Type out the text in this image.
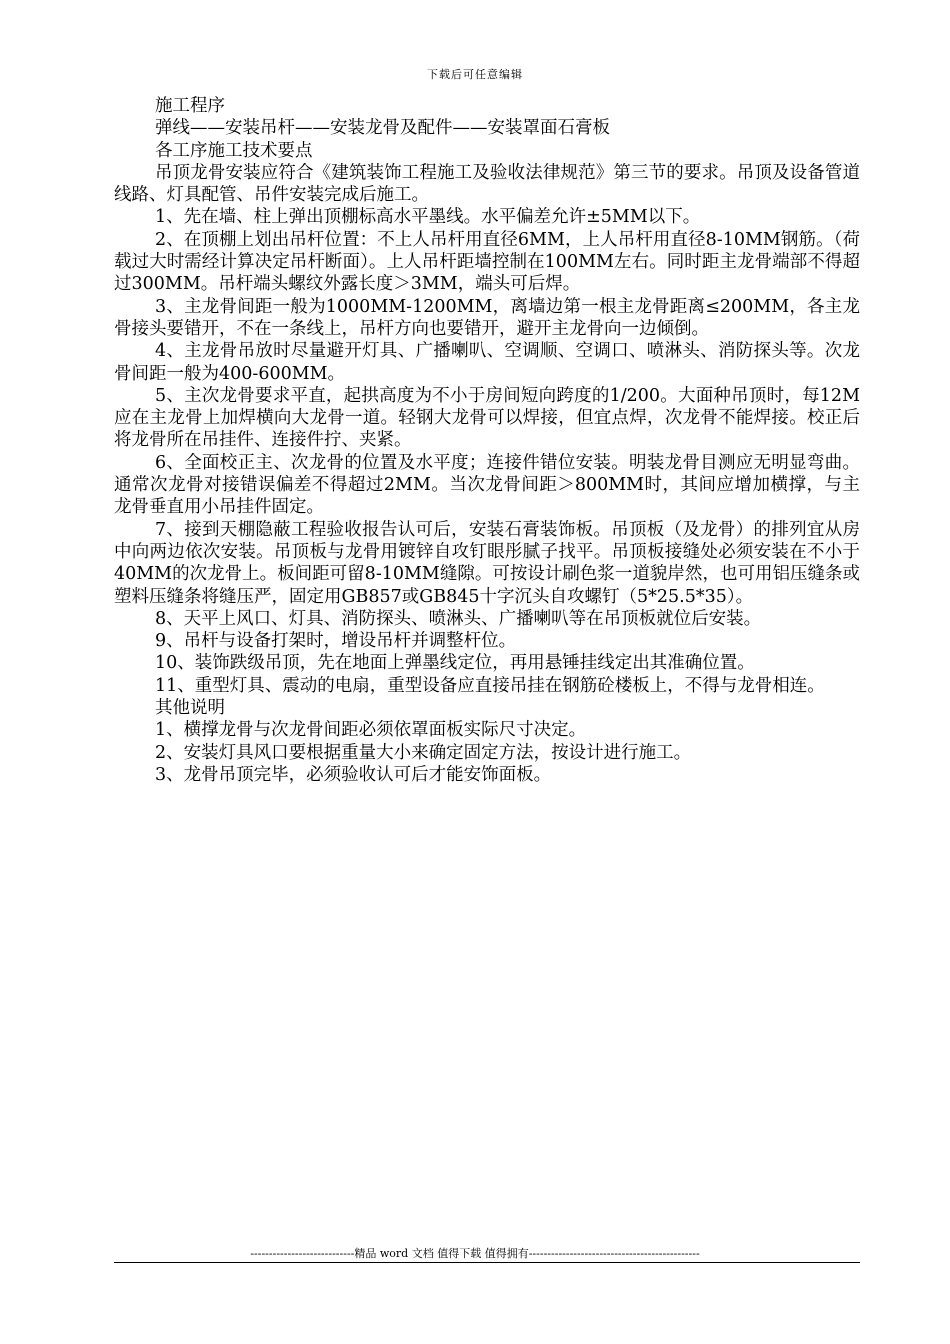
下载后可任意编辑

施工程序

弹线——安装吊杆——安装龙骨及配件——安装罩面石膏板

各工序施工技术要点

吊顶龙骨安装应符合《建筑装饰工程施工及验收法律规范》第三节的要求。吊顶及设备管道线路、灯具配管、吊件安装完成后施工。

1、先在墙、柱上弹出顶棚标高水平墨线。水平偏差允许±5MM以下。

2、在顶棚上划出吊杆位置：不上人吊杆用直径6MM，上人吊杆用直径8-10MM钢筋。（荷载过大时需经计算决定吊杆断面）。上人吊杆距墙控制在100MM左右。同时距主龙骨端部不得超过300MM。吊杆端头螺纹外露长度＞3MM，端头可后焊。

3、主龙骨间距一般为1000MM-1200MM，离墙边第一根主龙骨距离≤200MM，各主龙骨接头要错开，不在一条线上，吊杆方向也要错开，避开主龙骨向一边倾倒。

4、主龙骨吊放时尽量避开灯具、广播喇叭、空调顺、空调口、喷淋头、消防探头等。次龙骨间距一般为400-600MM。

5、主次龙骨要求平直，起拱高度为不小于房间短向跨度的1/200。大面种吊顶时，每12M应在主龙骨上加焊横向大龙骨一道。轻钢大龙骨可以焊接，但宜点焊，次龙骨不能焊接。校正后将龙骨所在吊挂件、连接件拧、夹紧。

6、全面校正主、次龙骨的位置及水平度；连接件错位安装。明装龙骨目测应无明显弯曲。通常次龙骨对接错误偏差不得超过2MM。当次龙骨间距＞800MM时，其间应增加横撑，与主龙骨垂直用小吊挂件固定。

7、接到天棚隐蔽工程验收报告认可后，安装石膏装饰板。吊顶板（及龙骨）的排列宜从房中向两边依次安装。吊顶板与龙骨用镀锌自攻钉眼彤腻子找平。吊顶板接缝处必须安装在不小于40MM的次龙骨上。板间距可留8-10MM缝隙。可按设计刷色浆一道貌岸然，也可用铝压缝条或塑料压缝条将缝压严，固定用GB857或GB845十字沉头自攻螺钉（5*25.5*35）。

8、天平上风口、灯具、消防探头、喷淋头、广播喇叭等在吊顶板就位后安装。

9、吊杆与设备打架时，增设吊杆并调整杆位。

10、装饰跌级吊顶，先在地面上弹墨线定位，再用悬锤挂线定出其准确位置。

11、重型灯具、震动的电扇，重型设备应直接吊挂在钢筋砼楼板上，不得与龙骨相连。

其他说明

1、横撑龙骨与次龙骨间距必须依罩面板实际尺寸决定。

2、安装灯具风口要根据重量大小来确定固定方法，按设计进行施工。

3、龙骨吊顶完毕，必须验收认可后才能安饰面板。

----------------------------精品 word 文档 值得下载 值得拥有----------------------------------------------
